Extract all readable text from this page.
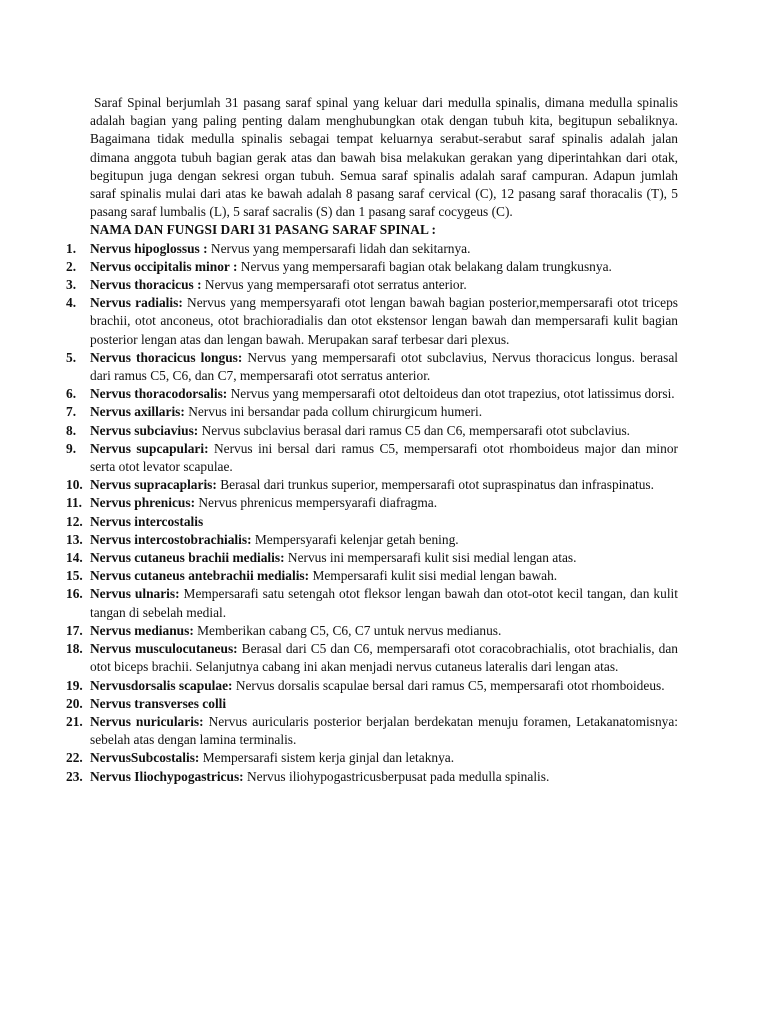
Saraf Spinal berjumlah 31 pasang saraf spinal yang keluar dari medulla spinalis, dimana medulla spinalis adalah bagian yang paling penting dalam menghubungkan otak dengan tubuh kita, begitupun sebaliknya. Bagaimana tidak medulla spinalis sebagai tempat keluarnya serabut-serabut saraf spinalis adalah jalan dimana anggota tubuh bagian gerak atas dan bawah bisa melakukan gerakan yang diperintahkan dari otak, begitupun juga dengan sekresi organ tubuh. Semua saraf spinalis adalah saraf campuran. Adapun jumlah saraf spinalis mulai dari atas ke bawah adalah 8 pasang saraf cervical (C), 12 pasang saraf thoracalis (T), 5 pasang saraf lumbalis (L), 5 saraf sacralis (S) dan 1 pasang saraf cocygeus (C).

NAMA DAN FUNGSI DARI 31 PASANG SARAF SPINAL :

1. Nervus hipoglossus : Nervus yang mempersarafi lidah dan sekitarnya.
2. Nervus occipitalis minor : Nervus yang mempersarafi bagian otak belakang dalam trungkusnya.
3. Nervus thoracicus : Nervus yang mempersarafi otot serratus anterior.
4. Nervus radialis: Nervus yang mempersyarafi otot lengan bawah bagian posterior,mempersarafi otot triceps brachii, otot anconeus, otot brachioradialis dan otot ekstensor lengan bawah dan mempersarafi kulit bagian posterior lengan atas dan lengan bawah. Merupakan saraf terbesar dari plexus.
5. Nervus thoracicus longus: Nervus yang mempersarafi otot subclavius, Nervus thoracicus longus. berasal dari ramus C5, C6, dan C7, mempersarafi otot serratus anterior.
6. Nervus thoracodorsalis: Nervus yang mempersarafi otot deltoideus dan otot trapezius, otot latissimus dorsi.
7. Nervus axillaris: Nervus ini bersandar pada collum chirurgicum humeri.
8. Nervus subciavius: Nervus subclavius berasal dari ramus C5 dan C6, mempersarafi otot subclavius.
9. Nervus supcapulari: Nervus ini bersal dari ramus C5, mempersarafi otot rhomboideus major dan minor serta otot levator scapulae.
10. Nervus supracaplaris: Berasal dari trunkus superior, mempersarafi otot supraspinatus dan infraspinatus.
11. Nervus phrenicus: Nervus phrenicus mempersyarafi diafragma.
12. Nervus intercostalis
13. Nervus intercostobrachialis: Mempersyarafi kelenjar getah bening.
14. Nervus cutaneus brachii medialis: Nervus ini mempersarafi kulit sisi medial lengan atas.
15. Nervus cutaneus antebrachii medialis: Mempersarafi kulit sisi medial lengan bawah.
16. Nervus ulnaris: Mempersarafi satu setengah otot fleksor lengan bawah dan otot-otot kecil tangan, dan kulit tangan di sebelah medial.
17. Nervus medianus: Memberikan cabang C5, C6, C7 untuk nervus medianus.
18. Nervus musculocutaneus: Berasal dari C5 dan C6, mempersarafi otot coracobrachialis, otot brachialis, dan otot biceps brachii. Selanjutnya cabang ini akan menjadi nervus cutaneus lateralis dari lengan atas.
19. Nervusdorsalis scapulae: Nervus dorsalis scapulae bersal dari ramus C5, mempersarafi otot rhomboideus.
20. Nervus transverses colli
21. Nervus nuricularis: Nervus auricularis posterior berjalan berdekatan menuju foramen, Letakanatomisnya: sebelah atas dengan lamina terminalis.
22. NervusSubcostalis: Mempersarafi sistem kerja ginjal dan letaknya.
23. Nervus Iliochypogastricus: Nervus iliohypogastricusberpusat pada medulla spinalis.
